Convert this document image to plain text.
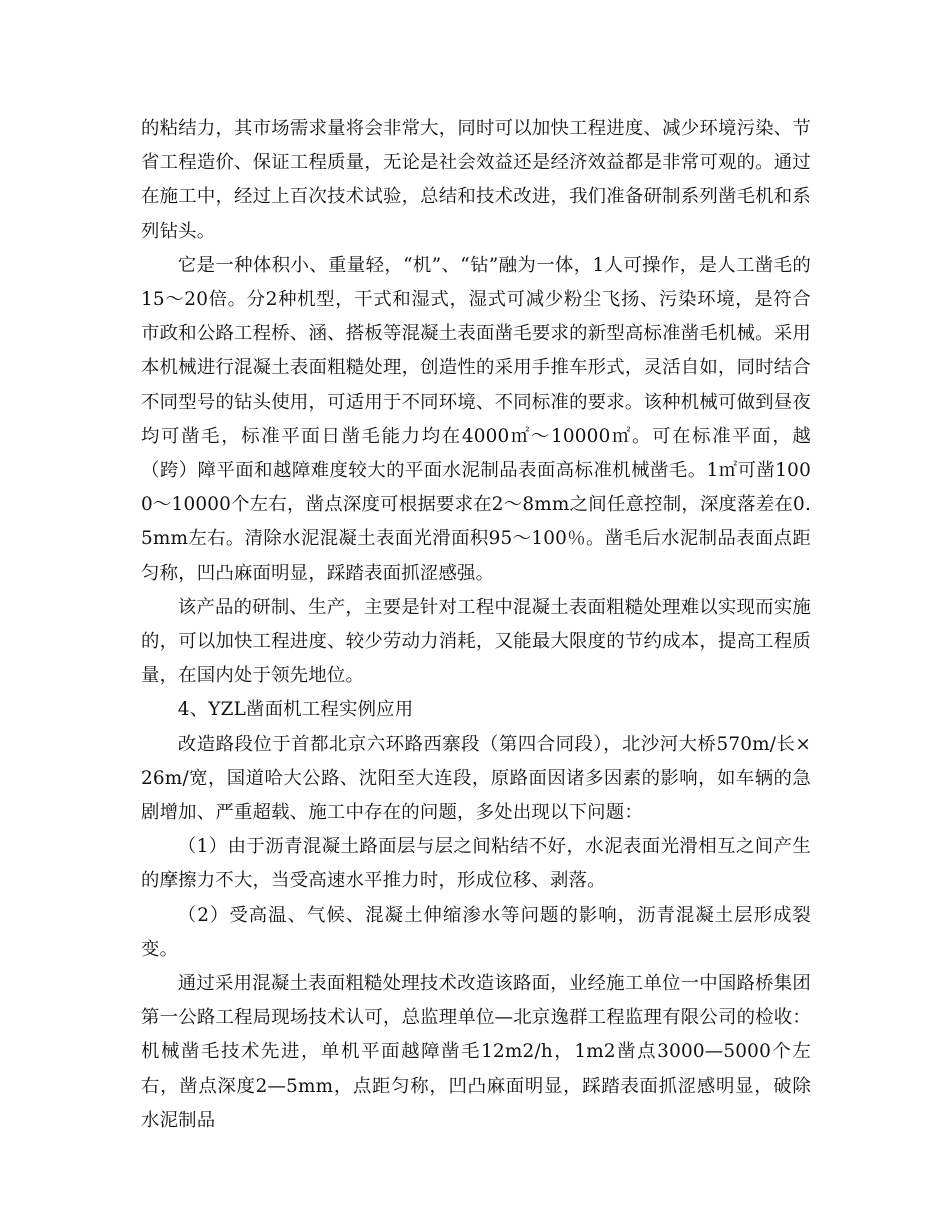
的粘结力，其市场需求量将会非常大，同时可以加快工程进度、减少环境污染、节省工程造价、保证工程质量，无论是社会效益还是经济效益都是非常可观的。通过在施工中，经过上百次技术试验，总结和技术改进，我们准备研制系列凿毛机和系列钻头。

它是一种体积小、重量轻，“机”、“钻”融为一体，1人可操作，是人工凿毛的15～20倍。分2种机型，干式和湿式，湿式可减少粉尘飞扬、污染环境，是符合市政和公路工程桥、涵、搭板等混凝土表面凿毛要求的新型高标准凿毛机械。采用本机械进行混凝土表面粗糙处理，创造性的采用手推车形式，灵活自如，同时结合不同型号的钻头使用，可适用于不同环境、不同标准的要求。该种机械可做到昼夜均可凿毛，标准平面日凿毛能力均在4000㎡～10000㎡。可在标准平面，越（跨）障平面和越障难度较大的平面水泥制品表面高标准机械凿毛。1㎡可凿1000～10000个左右，凿点深度可根据要求在2～8mm之间任意控制，深度落差在0.5mm左右。清除水泥混凝土表面光滑面积95～100％。凿毛后水泥制品表面点距匀称，凹凸麻面明显，踩踏表面抓涩感强。

该产品的研制、生产，主要是针对工程中混凝土表面粗糙处理难以实现而实施的，可以加快工程进度、较少劳动力消耗，又能最大限度的节约成本，提高工程质量，在国内处于领先地位。

4、YZL凿面机工程实例应用

改造路段位于首都北京六环路西寨段（第四合同段），北沙河大桥570m/长×26m/宽，国道哈大公路、沈阳至大连段，原路面因诸多因素的影响，如车辆的急剧增加、严重超载、施工中存在的问题，多处出现以下问题：

（1）由于沥青混凝土路面层与层之间粘结不好，水泥表面光滑相互之间产生的摩擦力不大，当受高速水平推力时，形成位移、剥落。

（2）受高温、气候、混凝土伸缩渗水等问题的影响，沥青混凝土层形成裂变。

通过采用混凝土表面粗糙处理技术改造该路面，业经施工单位一中国路桥集团第一公路工程局现场技术认可，总监理单位—北京逸群工程监理有限公司的检收：机械凿毛技术先进，单机平面越障凿毛12m2/h，1m2凿点3000—5000个左右，凿点深度2—5mm，点距匀称，凹凸麻面明显，踩踏表面抓涩感明显，破除水泥制品
